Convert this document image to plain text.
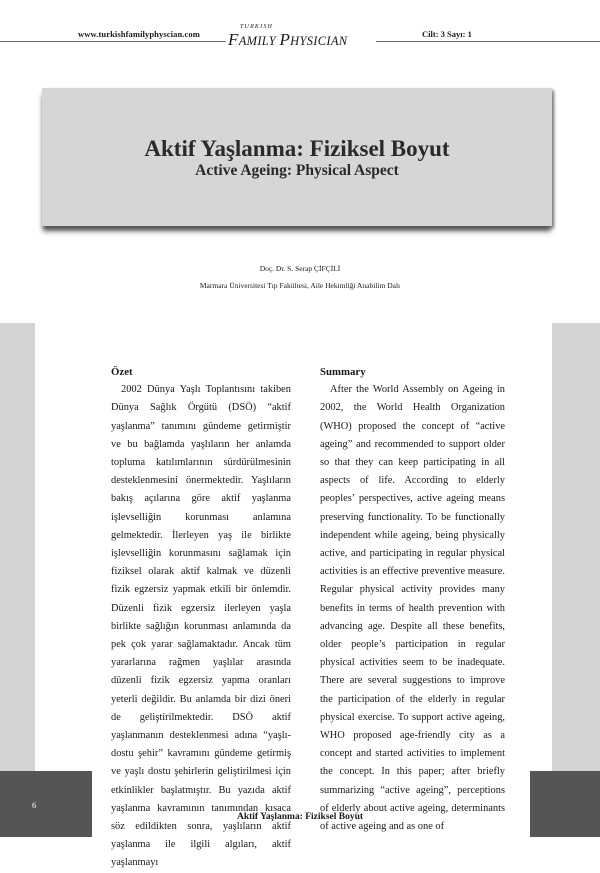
www.turkishfamilyphyscian.com
TURKISH
FAMILY PHYSICIAN	Cilt: 3 Sayı: 1
Aktif Yaşlanma: Fiziksel Boyut
Active Ageing: Physical Aspect
Doç. Dr. S. Serap ÇİFÇİLİ
Marmara Üniversitesi Tıp Fakültesi, Aile Hekimliği Anabilim Dalı
Özet

2002 Dünya Yaşlı Toplantısını takiben Dünya Sağlık Örgütü (DSÖ) “aktif yaşlanma” tanımını gündeme getirmiştir ve bu bağlamda yaşlıların her anlamda topluma katılımlarının sürdürülmesinin desteklenmesini önermektedir. Yaşlıların bakış açılarına göre aktif yaşlanma işlevselliğin korunması anlamına gelmektedir. İlerleyen yaş ile birlikte işlevselliğin korunmasını sağlamak için fiziksel olarak aktif kalmak ve düzenli fizik egzersiz yapmak etkili bir önlemdir. Düzenli fizik egzersiz ilerleyen yaşla birlikte sağlığın korunması anlamında da pek çok yarar sağlamaktadır. Ancak tüm yararlarına rağmen yaşlılar arasında düzenli fizik egzersiz yapma oranları yeterli değildir. Bu anlamda bir dizi öneri de geliştirilmektedir. DSÖ aktif yaşlanmanın desteklenmesi adına “yaşlı-dostu şehir” kavramını gündeme getirmiş ve yaşlı dostu şehirlerin geliştirilmesi için etkinlikler başlatmıştır. Bu yazıda aktif yaşlanma kavramının tanımından kısaca söz edildikten sonra, yaşlıların aktif yaşlanma ile ilgili algıları, aktif yaşlanmayı

Summary

After the World Assembly on Ageing in 2002, the World Health Organization (WHO) proposed the concept of “active ageing” and recommended to support older so that they can keep participating in all aspects of life. According to elderly peoples’ perspectives, active ageing means preserving functionality. To be functionally independent while ageing, being physically active, and participating in regular physical activities is an effective preventive measure. Regular physical activity provides many benefits in terms of health prevention with advancing age. Despite all these benefits, older people’s participation in regular physical activities seem to be inadequate. There are several suggestions to improve the participation of the elderly in regular physical exercise. To support active ageing, WHO proposed age-friendly city as a concept and started activities to implement the concept. In this paper; after briefly summarizing “active ageing”, perceptions of elderly about active ageing, determinants of active ageing and as one of

6
Aktif Yaşlanma: Fiziksel Boyut
